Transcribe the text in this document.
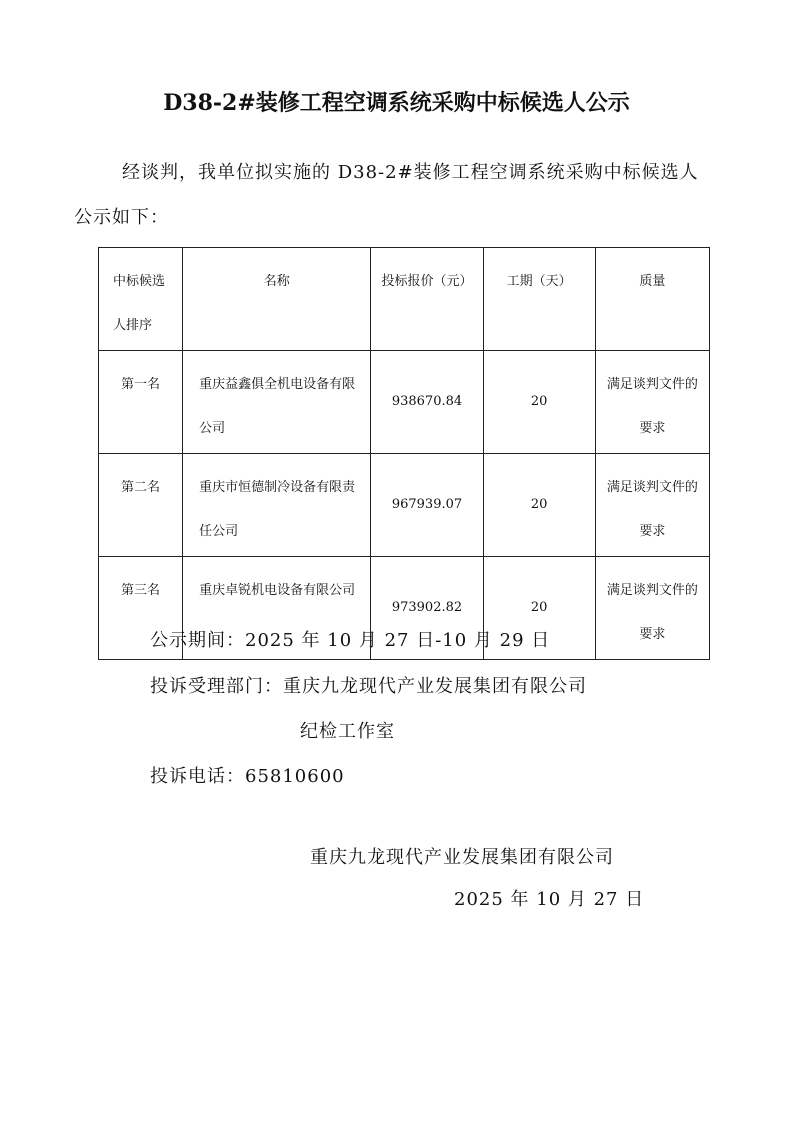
D38-2#装修工程空调系统采购中标候选人公示
经谈判，我单位拟实施的 D38-2#装修工程空调系统采购中标候选人
公示如下：
中标候选人排序	名称	投标报价（元）	工期（天）	质量
第一名	重庆益鑫俱全机电设备有限公司	938670.84	20	满足谈判文件的要求
第二名	重庆市恒德制冷设备有限责任公司	967939.07	20	满足谈判文件的要求
第三名	重庆卓锐机电设备有限公司	973902.82	20	满足谈判文件的要求
公示期间：2025 年 10 月 27 日-10 月 29 日
投诉受理部门：重庆九龙现代产业发展集团有限公司
纪检工作室
投诉电话：65810600
重庆九龙现代产业发展集团有限公司
2025 年 10 月 27 日
